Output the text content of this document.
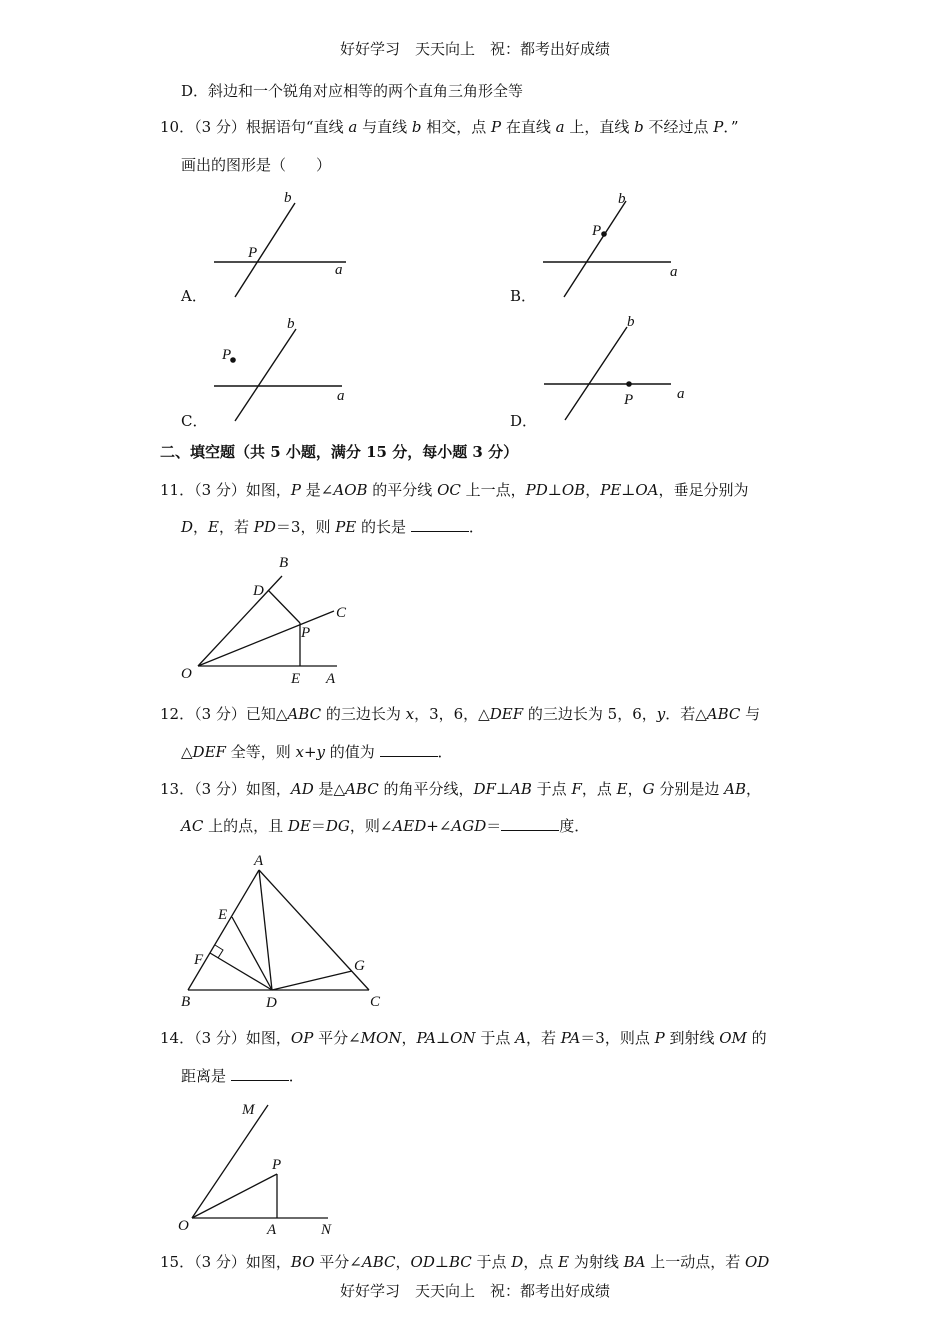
好好学习　天天向上　祝：都考出好成绩
D．斜边和一个锐角对应相等的两个直角三角形全等
10．（3 分）根据语句“直线 a 与直线 b 相交，点 P 在直线 a 上，直线 b 不经过点 P．”
画出的图形是（　　）
A．
b
P
a
B．
b
P
a
C．
b
P
a
D．
b
P	a
二、填空题（共 5 小题，满分 15 分，每小题 3 分）
11．（3 分）如图，P 是∠AOB 的平分线 OC 上一点，PD⊥OB，PE⊥OA，垂足分别为
D，E，若 PD＝3，则 PE 的长是	．
B
D
C
P
O	E A
12．（3 分）已知△ABC 的三边长为 x，3，6，△DEF 的三边长为 5，6，y．若△ABC 与
△DEF 全等，则 x+y 的值为	．
13．（3 分）如图，AD 是△ABC 的角平分线，DF⊥AB 于点 F，点 E，G 分别是边 AB，
AC 上的点，且 DE＝DG，则∠AED+∠AGD＝	度．
A
E
F	G
B	D	C
14．（3 分）如图，OP 平分∠MON，PA⊥ON 于点 A，若 PA＝3，则点 P 到射线 OM 的
距离是	．
M
P
O	A	N
15．（3 分）如图，BO 平分∠ABC，OD⊥BC 于点 D，点 E 为射线 BA 上一动点，若 OD
好好学习　天天向上　祝：都考出好成绩
